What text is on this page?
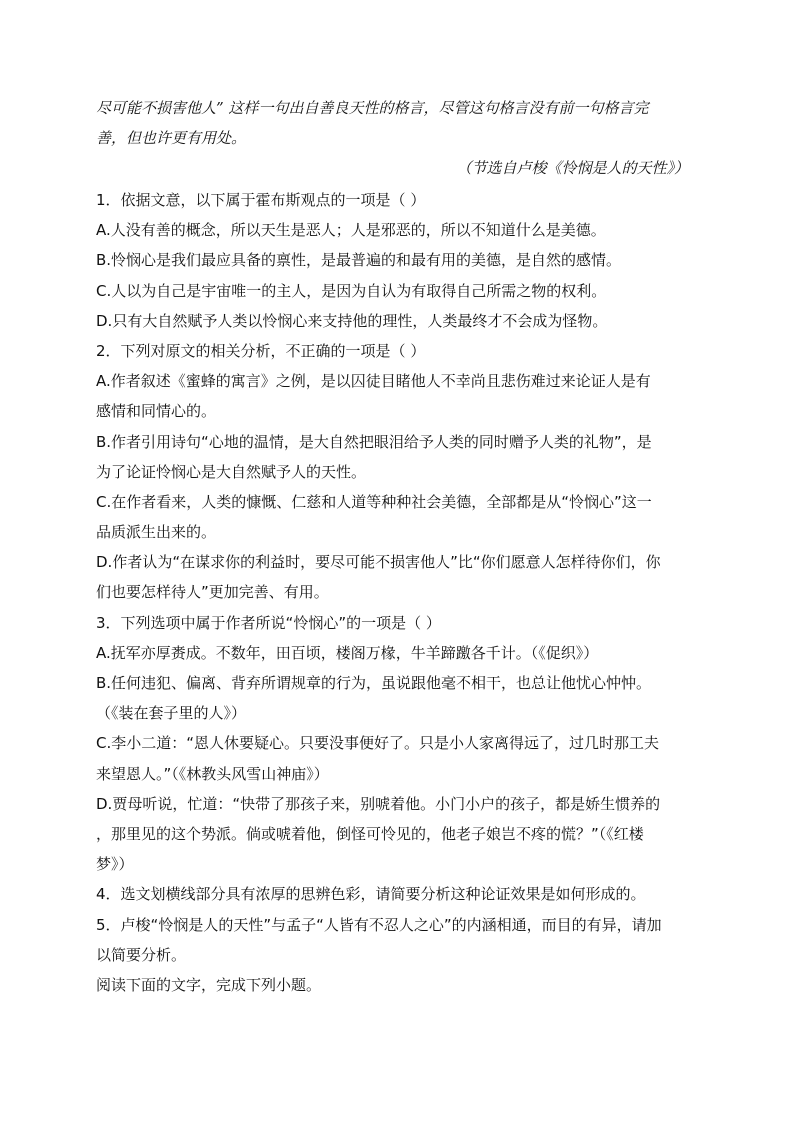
尽可能不损害他人” 这样一句出自善良天性的格言，尽管这句格言没有前一句格言完
善，但也许更有用处。
（节选自卢梭《怜悯是人的天性》）
1．依据文意，以下属于霍布斯观点的一项是（ ）
A.人没有善的概念，所以天生是恶人；人是邪恶的，所以不知道什么是美德。
B.怜悯心是我们最应具备的禀性，是最普遍的和最有用的美德，是自然的感情。
C.人以为自己是宇宙唯一的主人，是因为自认为有取得自己所需之物的权利。
D.只有大自然赋予人类以怜悯心来支持他的理性，人类最终才不会成为怪物。
2．下列对原文的相关分析，不正确的一项是（ ）
A.作者叙述《蜜蜂的寓言》之例，是以囚徒目睹他人不幸尚且悲伤难过来论证人是有
感情和同情心的。
B.作者引用诗句“心地的温情，是大自然把眼泪给予人类的同时赠予人类的礼物”，是
为了论证怜悯心是大自然赋予人的天性。
C.在作者看来，人类的慷慨、仁慈和人道等种种社会美德，全部都是从“怜悯心”这一
品质派生出来的。
D.作者认为“在谋求你的利益时，要尽可能不损害他人”比“你们愿意人怎样待你们，你
们也要怎样待人”更加完善、有用。
3．下列选项中属于作者所说“怜悯心”的一项是（ ）
A.抚军亦厚赉成。不数年，田百顷，楼阁万椽，牛羊蹄躈各千计。（《促织》）
B.任何违犯、偏离、背弃所谓规章的行为，虽说跟他毫不相干，也总让他忧心忡忡。
（《装在套子里的人》）
C.李小二道：“恩人休要疑心。只要没事便好了。只是小人家离得远了，过几时那工夫
来望恩人。”（《林教头风雪山神庙》）
D.贾母听说，忙道：“快带了那孩子来，别唬着他。小门小户的孩子，都是娇生惯养的
，那里见的这个势派。倘或唬着他，倒怪可怜见的，他老子娘岂不疼的慌？”（《红楼
梦》）
4．选文划横线部分具有浓厚的思辨色彩，请简要分析这种论证效果是如何形成的。
5．卢梭“怜悯是人的天性”与孟子“人皆有不忍人之心”的内涵相通，而目的有异，请加
以简要分析。
阅读下面的文字，完成下列小题。
